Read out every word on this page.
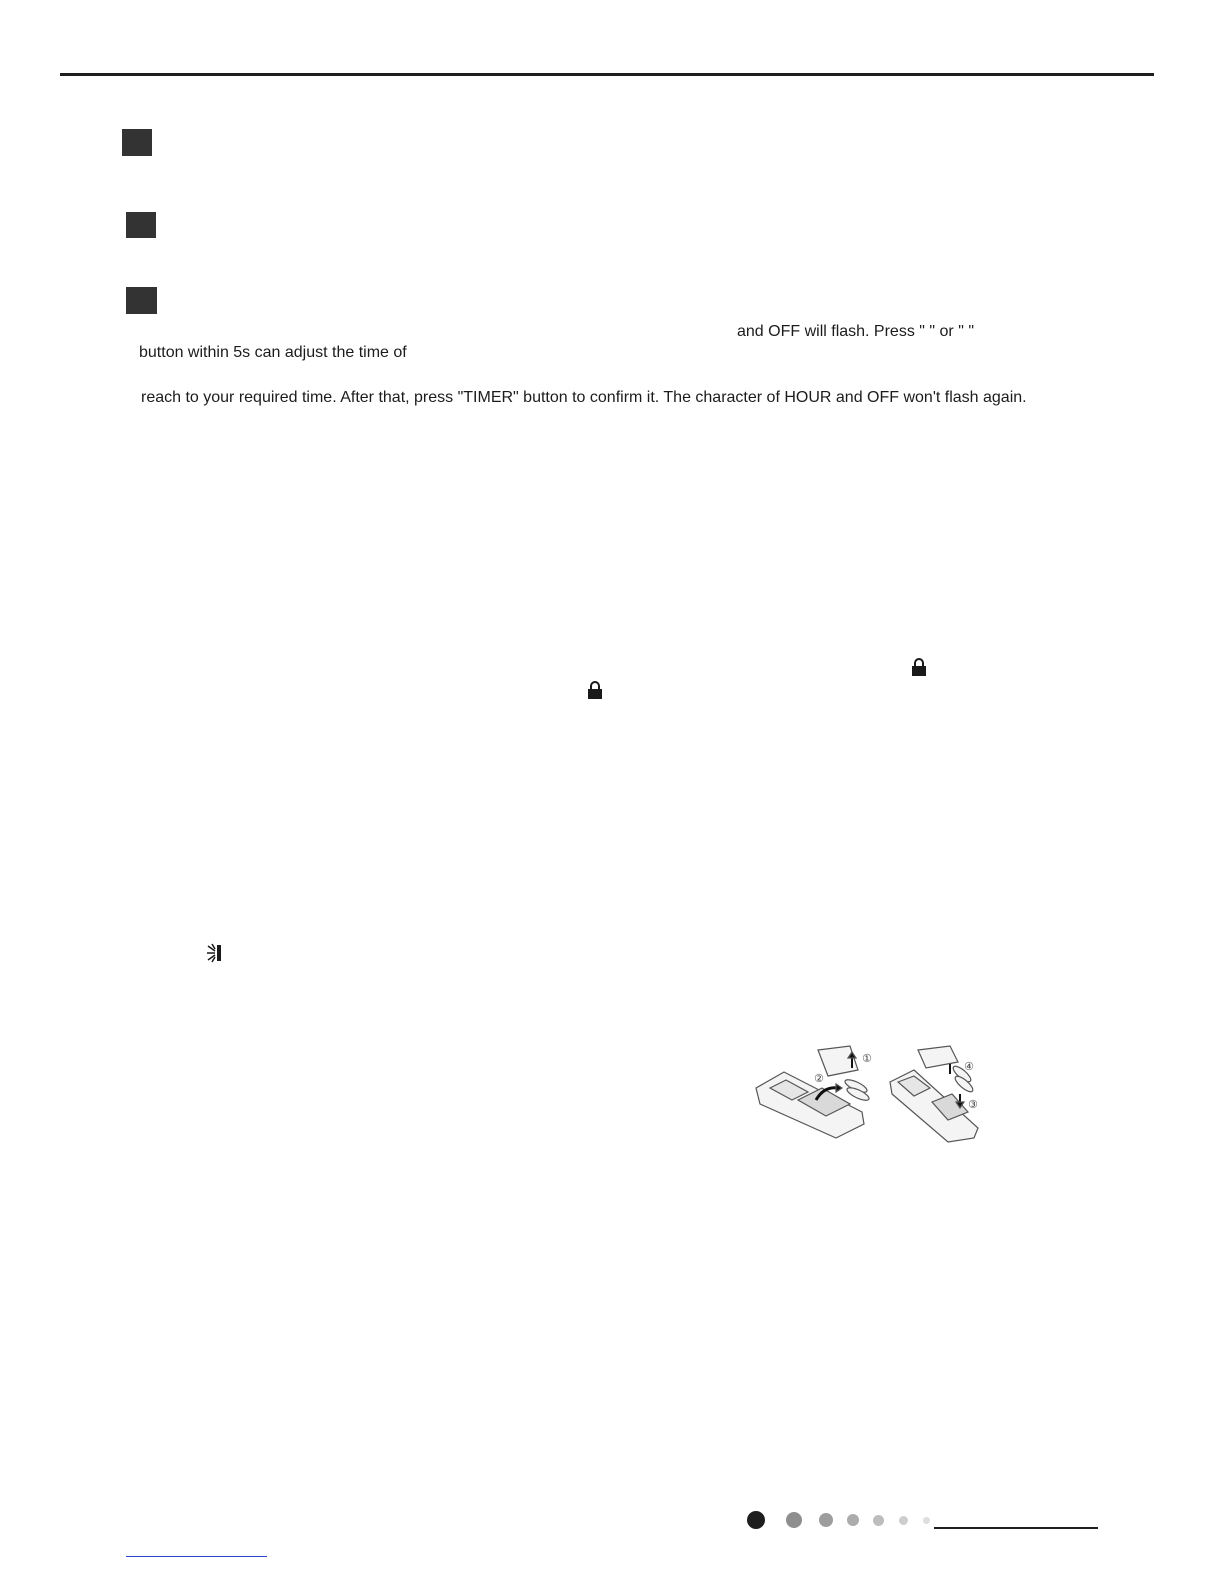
and OFF will flash. Press " " or " "
button within 5s can adjust the time of
reach to your required time. After that, press "TIMER" button to confirm it. The character of HOUR and OFF won't flash again.
①
②
③
④
